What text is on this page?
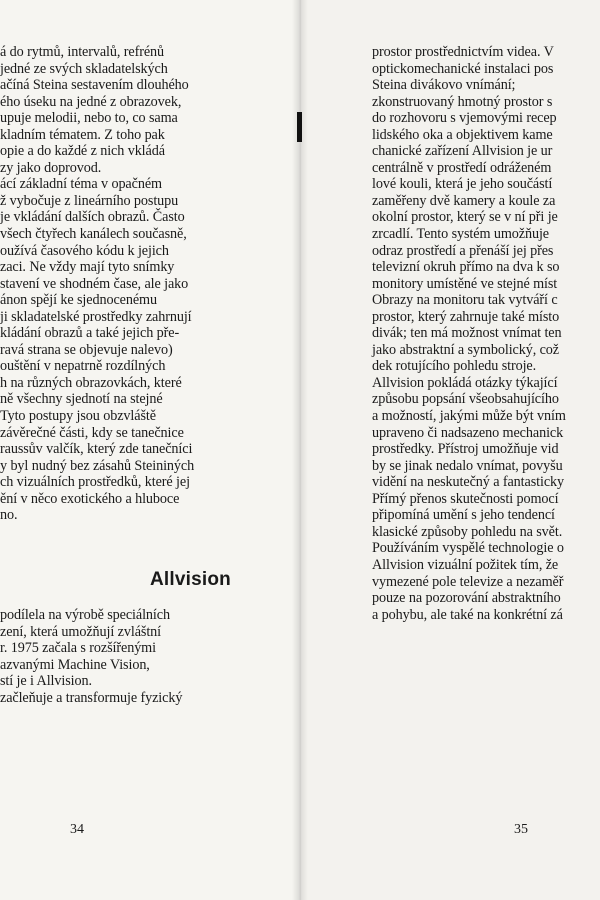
á do rytmů, intervalů, refrénů
jedné ze svých skladatelských
ačíná Steina sestavením dlouhého
ého úseku na jedné z obrazovek,
upuje melodii, nebo to, co sama
kladním tématem. Z toho pak
opie a do každé z nich vkládá
zy jako doprovod.
ácí základní téma v opačném
ž vybočuje z lineárního postupu
je vkládání dalších obrazů. Často
všech čtyřech kanálech současně,
oužívá časového kódu k jejich
zaci. Ne vždy mají tyto snímky
stavení ve shodném čase, ale jako
ánon spějí ke sjednocenému
ji skladatelské prostředky zahrnují
kládání obrazů a také jejich pře-
ravá strana se objevuje nalevo)
ouštění v nepatrně rozdílných
h na různých obrazovkách, které
ně všechny sjednotí na stejné
Tyto postupy jsou obzvláště
závěrečné části, kdy se tanečnice
raussův valčík, který zde tanečníci
y byl nudný bez zásahů Steininých
ch vizuálních prostředků, které jej
ění v něco exotického a hluboce
no.
Allvision
podílela na výrobě speciálních
zení, která umožňují zvláštní
r. 1975 začala s rozšířenými
azvanými Machine Vision,
stí je i Allvision.
začleňuje a transformuje fyzický
34
prostor prostřednictvím videa. V
optickomechanické instalaci pos
Steina divákovo vnímání;
zkonstruovaný hmotný prostor s
do rozhovoru s vjemovými recep
lidského oka a objektivem kame
chanické zařízení Allvision je ur
centrálně v prostředí odráženém
lové kouli, která je jeho součástí
zaměřeny dvě kamery a koule za
okolní prostor, který se v ní při je
zrcadlí. Tento systém umožňuje
odraz prostředí a přenáší jej přes
televizní okruh přímo na dva k so
monitory umístěné ve stejné míst
Obrazy na monitoru tak vytváří c
prostor, který zahrnuje také místo
divák; ten má možnost vnímat ten
jako abstraktní a symbolický, což
dek rotujícího pohledu stroje.
Allvision pokládá otázky týkající
způsobu popsání všeobsahujícího
a možností, jakými může být vním
upraveno či nadsazeno mechanick
prostředky. Přístroj umožňuje vid
by se jinak nedalo vnímat, povyšu
vidění na neskutečný a fantasticky
Přímý přenos skutečnosti pomocí
připomíná umění s jeho tendencí
klasické způsoby pohledu na svět.
Používáním vyspělé technologie o
Allvision vizuální požitek tím, že
vymezené pole televize a nezaměř
pouze na pozorování abstraktního
a pohybu, ale také na konkrétní zá
35
